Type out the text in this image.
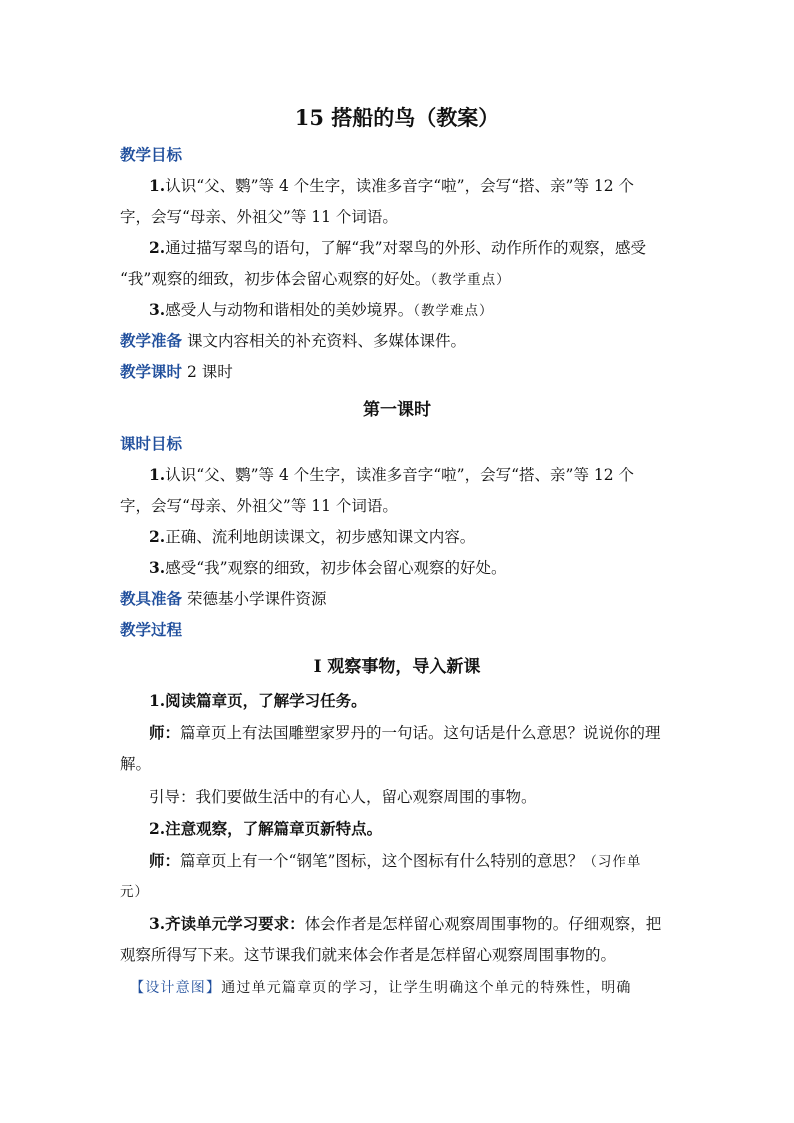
15 搭船的鸟（教案）
教学目标
1.认识“父、鹦”等 4 个生字，读准多音字“啦”，会写“搭、亲”等 12 个
字，会写“母亲、外祖父”等 11 个词语。
2.通过描写翠鸟的语句，了解“我”对翠鸟的外形、动作所作的观察，感受
“我”观察的细致，初步体会留心观察的好处。（教学重点）
3.感受人与动物和谐相处的美妙境界。（教学难点）
教学准备 课文内容相关的补充资料、多媒体课件。
教学课时 2 课时
第一课时
课时目标
1.认识“父、鹦”等 4 个生字，读准多音字“啦”，会写“搭、亲”等 12 个
字，会写“母亲、外祖父”等 11 个词语。
2.正确、流利地朗读课文，初步感知课文内容。
3.感受“我”观察的细致，初步体会留心观察的好处。
教具准备 荣德基小学课件资源
教学过程
Ⅰ 观察事物，导入新课
1.阅读篇章页，了解学习任务。
师：篇章页上有法国雕塑家罗丹的一句话。这句话是什么意思？说说你的理
解。
引导：我们要做生活中的有心人，留心观察周围的事物。
2.注意观察，了解篇章页新特点。
师：篇章页上有一个“钢笔”图标，这个图标有什么特别的意思？（习作单
元）
3.齐读单元学习要求：体会作者是怎样留心观察周围事物的。仔细观察，把
观察所得写下来。这节课我们就来体会作者是怎样留心观察周围事物的。
【设计意图】通过单元篇章页的学习，让学生明确这个单元的特殊性，明确
